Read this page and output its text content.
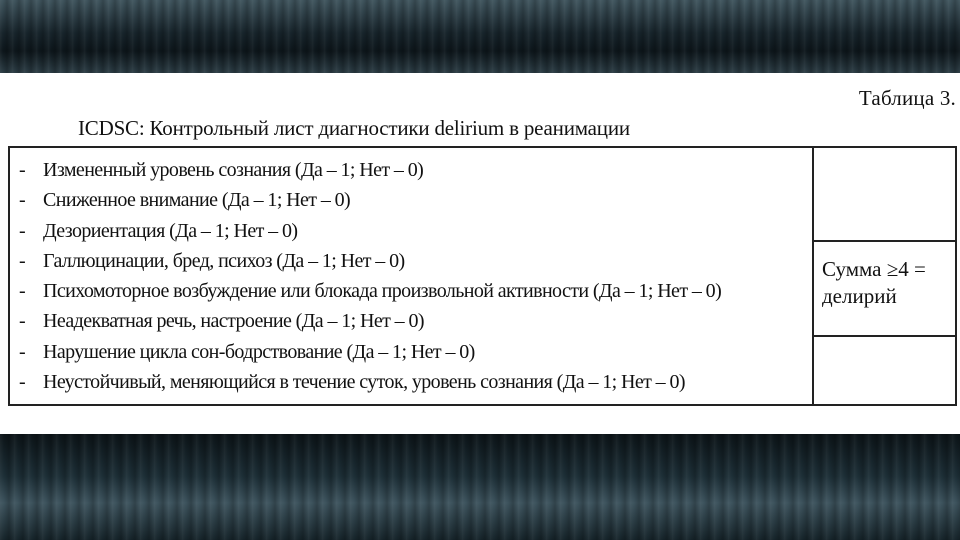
Таблица 3.
ICDSC: Контрольный лист диагностики delirium в реанимации
- Измененный уровень сознания (Да – 1; Нет – 0)
- Сниженное внимание (Да – 1; Нет – 0)
- Дезориентация (Да – 1; Нет – 0)
- Галлюцинации, бред, психоз (Да – 1; Нет – 0)
- Психомоторное возбуждение или блокада произвольной активности (Да – 1; Нет – 0)
- Неадекватная речь, настроение (Да – 1; Нет – 0)
- Нарушение цикла сон-бодрствование (Да – 1; Нет – 0)
- Неустойчивый, меняющийся в течение суток, уровень сознания (Да – 1; Нет – 0)
Сумма ≥4 =
делирий
